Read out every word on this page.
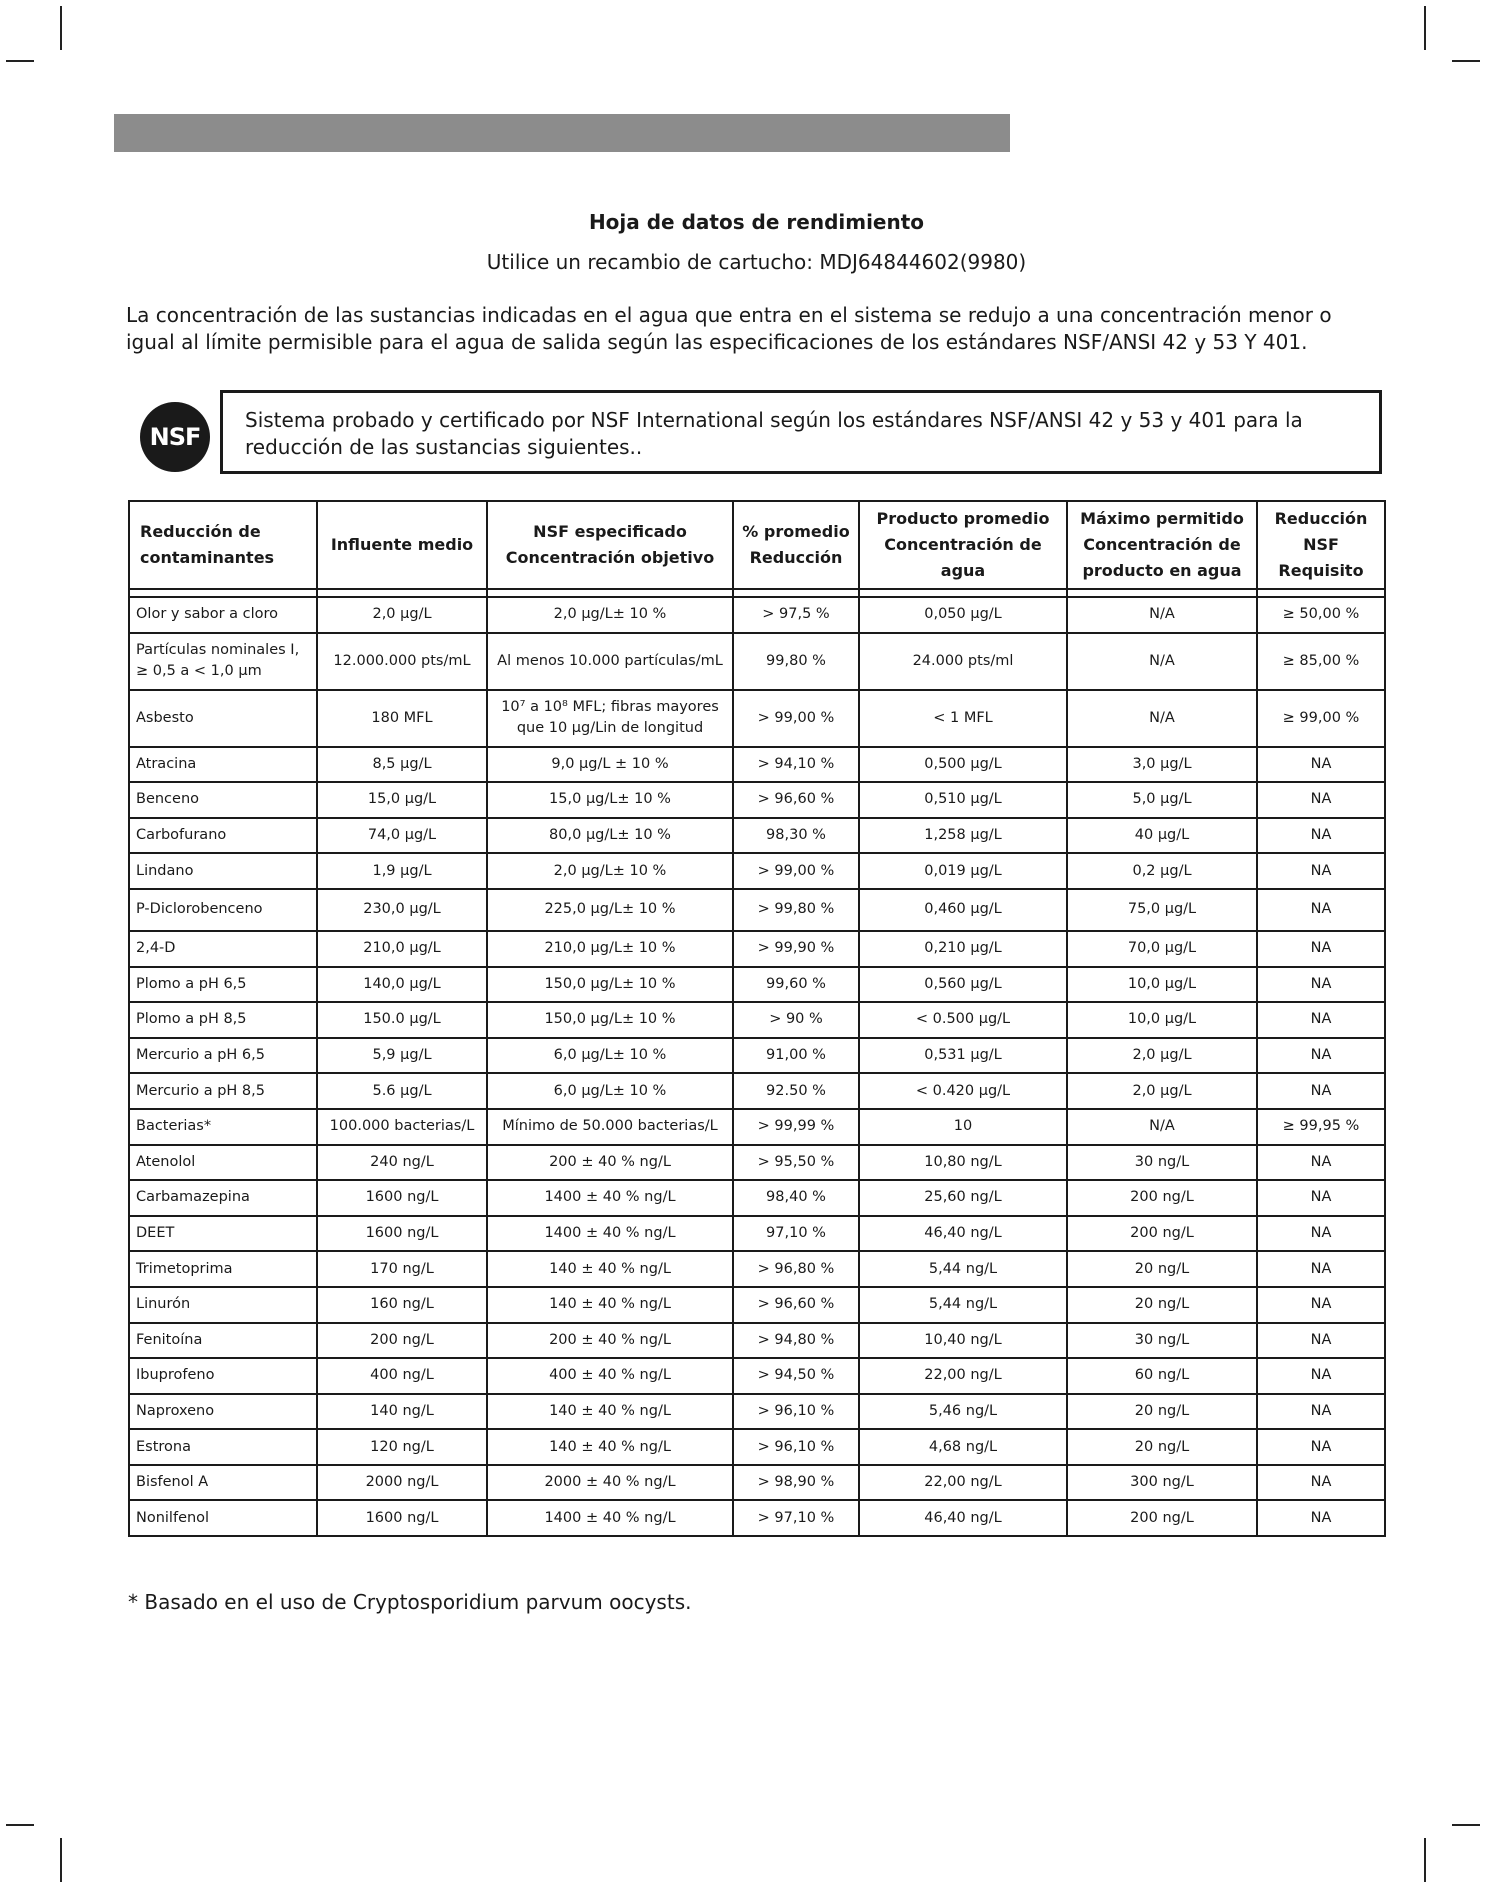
Hoja de datos de rendimiento
Utilice un recambio de cartucho: MDJ64844602(9980)
La concentración de las sustancias indicadas en el agua que entra en el sistema se redujo a una concentración menor o igual al límite permisible para el agua de salida según las especificaciones de los estándares NSF/ANSI 42 y 53 Y 401.
NSF
Sistema probado y certificado por NSF International según los estándares NSF/ANSI 42 y 53 y 401 para la reducción de las sustancias siguientes..
Reducción de contaminantes	Influente medio	NSF especificado Concentración objetivo	% promedio Reducción	Producto promedio Concentración de agua	Máximo permitido Concentración de producto en agua	Reducción NSF Requisito

Olor y sabor a cloro	2,0 µg/L	2,0 µg/L± 10 %	> 97,5 %	0,050 µg/L	N/A	≥ 50,00 %
Partículas nominales I, ≥ 0,5 a < 1,0 µm	12.000.000 pts/mL	Al menos 10.000 partículas/mL	99,80 %	24.000 pts/ml	N/A	≥ 85,00 %
Asbesto	180 MFL	10⁷ a 10⁸ MFL; fibras mayores que 10 µg/Lin de longitud	> 99,00 %	< 1 MFL	N/A	≥ 99,00 %
Atracina	8,5 µg/L	9,0 µg/L ± 10 %	> 94,10 %	0,500 µg/L	3,0 µg/L	NA
Benceno	15,0 µg/L	15,0 µg/L± 10 %	> 96,60 %	0,510 µg/L	5,0 µg/L	NA
Carbofurano	74,0 µg/L	80,0 µg/L± 10 %	98,30 %	1,258 µg/L	40 µg/L	NA
Lindano	1,9 µg/L	2,0 µg/L± 10 %	> 99,00 %	0,019 µg/L	0,2 µg/L	NA
P-Diclorobenceno	230,0 µg/L	225,0 µg/L± 10 %	> 99,80 %	0,460 µg/L	75,0 µg/L	NA
2,4-D	210,0 µg/L	210,0 µg/L± 10 %	> 99,90 %	0,210 µg/L	70,0 µg/L	NA
Plomo a pH 6,5	140,0 µg/L	150,0 µg/L± 10 %	99,60 %	0,560 µg/L	10,0 µg/L	NA
Plomo a pH 8,5	150.0 µg/L	150,0 µg/L± 10 %	> 90 %	< 0.500 µg/L	10,0 µg/L	NA
Mercurio a pH 6,5	5,9 µg/L	6,0 µg/L± 10 %	91,00 %	0,531 µg/L	2,0 µg/L	NA
Mercurio a pH 8,5	5.6 µg/L	6,0 µg/L± 10 %	92.50 %	< 0.420 µg/L	2,0 µg/L	NA
Bacterias*	100.000 bacterias/L	Mínimo de 50.000 bacterias/L	> 99,99 %	10	N/A	≥ 99,95 %
Atenolol	240 ng/L	200 ± 40 % ng/L	> 95,50 %	10,80 ng/L	30 ng/L	NA
Carbamazepina	1600 ng/L	1400 ± 40 % ng/L	98,40 %	25,60 ng/L	200 ng/L	NA
DEET	1600 ng/L	1400 ± 40 % ng/L	97,10 %	46,40 ng/L	200 ng/L	NA
Trimetoprima	170 ng/L	140 ± 40 % ng/L	> 96,80 %	5,44 ng/L	20 ng/L	NA
Linurón	160 ng/L	140 ± 40 % ng/L	> 96,60 %	5,44 ng/L	20 ng/L	NA
Fenitoína	200 ng/L	200 ± 40 % ng/L	> 94,80 %	10,40 ng/L	30 ng/L	NA
Ibuprofeno	400 ng/L	400 ± 40 % ng/L	> 94,50 %	22,00 ng/L	60 ng/L	NA
Naproxeno	140 ng/L	140 ± 40 % ng/L	> 96,10 %	5,46 ng/L	20 ng/L	NA
Estrona	120 ng/L	140 ± 40 % ng/L	> 96,10 %	4,68 ng/L	20 ng/L	NA
Bisfenol A	2000 ng/L	2000 ± 40 % ng/L	> 98,90 %	22,00 ng/L	300 ng/L	NA
Nonilfenol	1600 ng/L	1400 ± 40 % ng/L	> 97,10 %	46,40 ng/L	200 ng/L	NA
* Basado en el uso de Cryptosporidium parvum oocysts.
